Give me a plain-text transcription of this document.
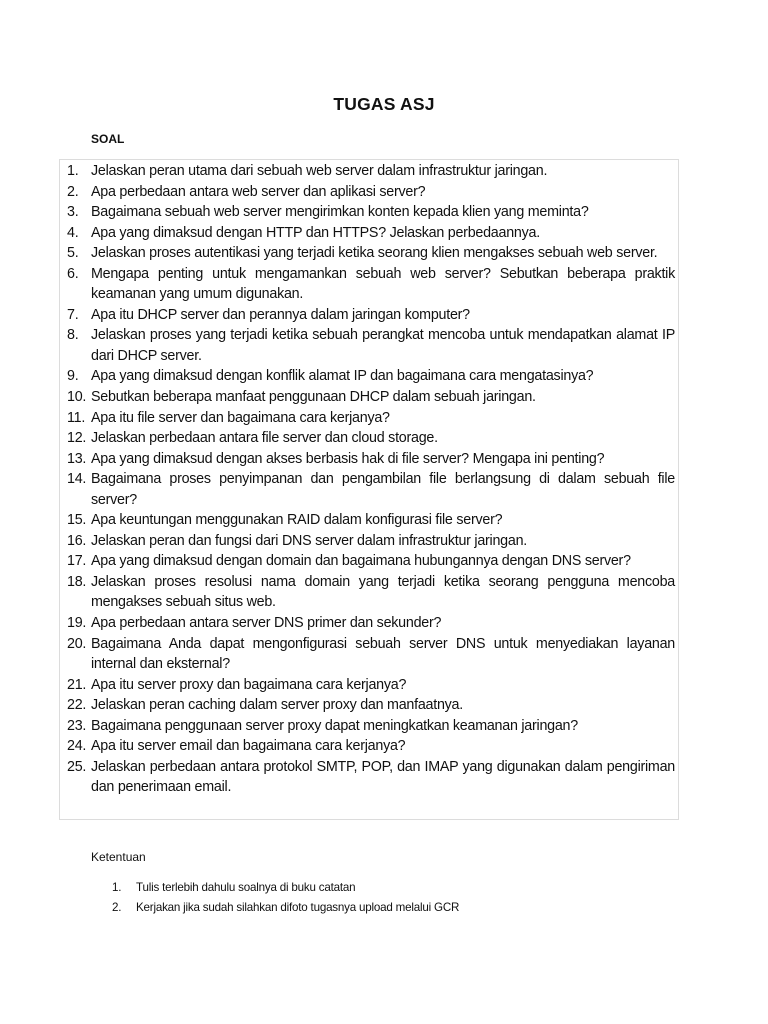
TUGAS ASJ
SOAL
1. Jelaskan peran utama dari sebuah web server dalam infrastruktur jaringan.
2. Apa perbedaan antara web server dan aplikasi server?
3. Bagaimana sebuah web server mengirimkan konten kepada klien yang meminta?
4. Apa yang dimaksud dengan HTTP dan HTTPS? Jelaskan perbedaannya.
5. Jelaskan proses autentikasi yang terjadi ketika seorang klien mengakses sebuah web server.
6. Mengapa penting untuk mengamankan sebuah web server? Sebutkan beberapa praktik keamanan yang umum digunakan.
7. Apa itu DHCP server dan perannya dalam jaringan komputer?
8. Jelaskan proses yang terjadi ketika sebuah perangkat mencoba untuk mendapatkan alamat IP dari DHCP server.
9. Apa yang dimaksud dengan konflik alamat IP dan bagaimana cara mengatasinya?
10. Sebutkan beberapa manfaat penggunaan DHCP dalam sebuah jaringan.
11. Apa itu file server dan bagaimana cara kerjanya?
12. Jelaskan perbedaan antara file server dan cloud storage.
13. Apa yang dimaksud dengan akses berbasis hak di file server? Mengapa ini penting?
14. Bagaimana proses penyimpanan dan pengambilan file berlangsung di dalam sebuah file server?
15. Apa keuntungan menggunakan RAID dalam konfigurasi file server?
16. Jelaskan peran dan fungsi dari DNS server dalam infrastruktur jaringan.
17. Apa yang dimaksud dengan domain dan bagaimana hubungannya dengan DNS server?
18. Jelaskan proses resolusi nama domain yang terjadi ketika seorang pengguna mencoba mengakses sebuah situs web.
19. Apa perbedaan antara server DNS primer dan sekunder?
20. Bagaimana Anda dapat mengonfigurasi sebuah server DNS untuk menyediakan layanan internal dan eksternal?
21. Apa itu server proxy dan bagaimana cara kerjanya?
22. Jelaskan peran caching dalam server proxy dan manfaatnya.
23. Bagaimana penggunaan server proxy dapat meningkatkan keamanan jaringan?
24. Apa itu server email dan bagaimana cara kerjanya?
25. Jelaskan perbedaan antara protokol SMTP, POP, dan IMAP yang digunakan dalam pengiriman dan penerimaan email.
Ketentuan
1.	Tulis terlebih dahulu soalnya di buku catatan
2.	Kerjakan jika sudah silahkan difoto tugasnya upload melalui GCR
